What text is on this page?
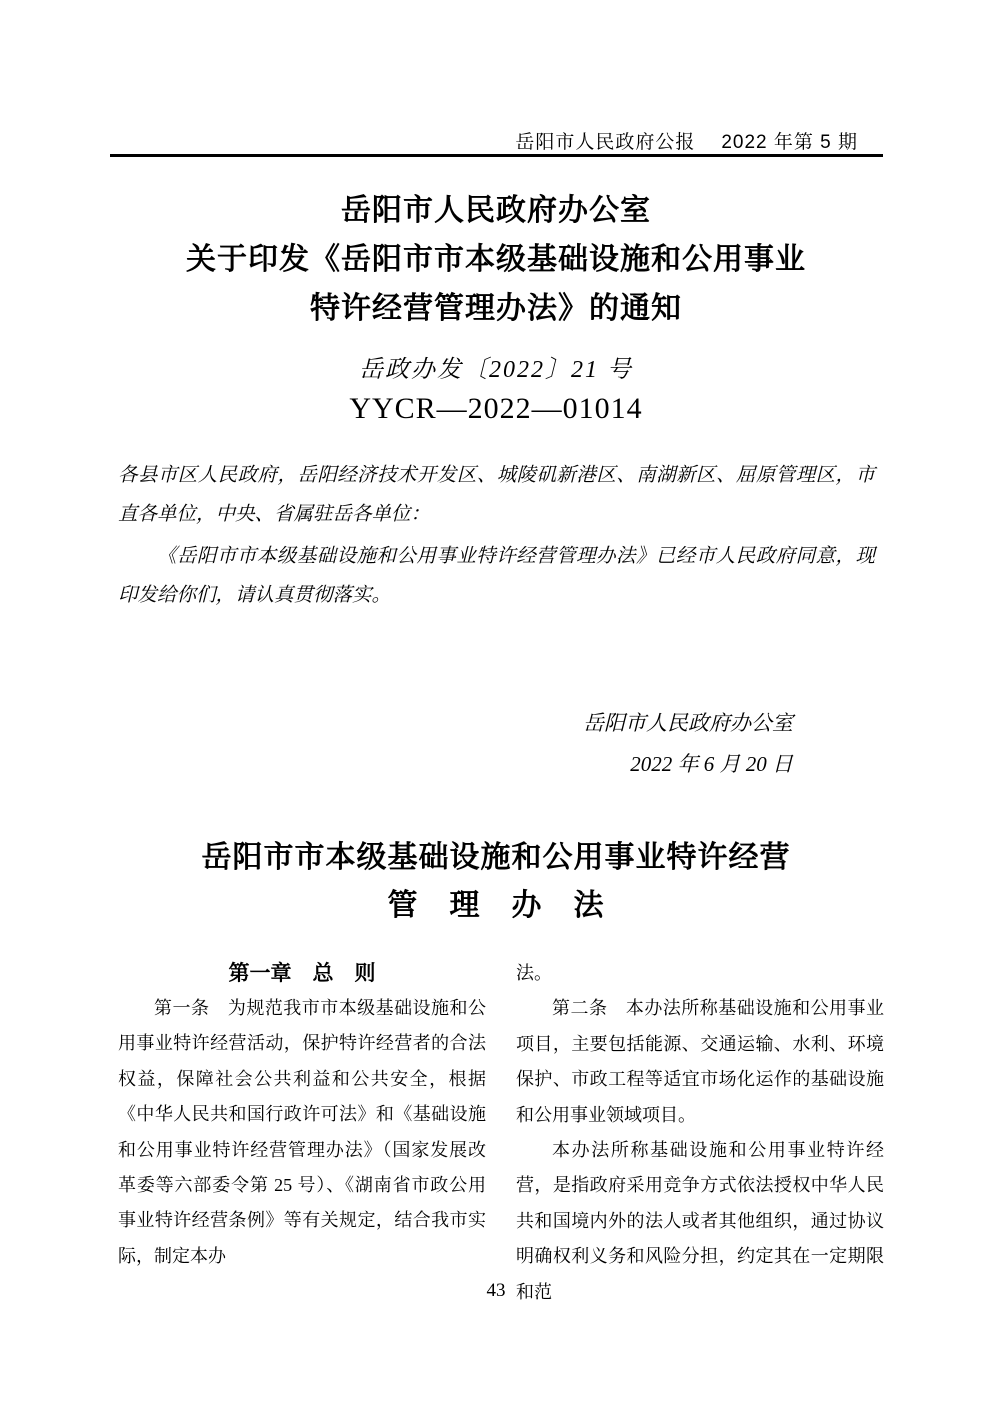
岳阳市人民政府公报 2022 年第 5 期
岳阳市人民政府办公室
关于印发《岳阳市市本级基础设施和公用事业
特许经营管理办法》的通知
岳政办发〔2022〕21 号
YYCR—2022—01014

各县市区人民政府，岳阳经济技术开发区、城陵矶新港区、南湖新区、屈原管理区，市直各单位，中央、省属驻岳各单位：

《岳阳市市本级基础设施和公用事业特许经营管理办法》已经市人民政府同意，现印发给你们，请认真贯彻落实。

岳阳市人民政府办公室
2022 年 6 月 20 日
岳阳市市本级基础设施和公用事业特许经营
管　理　办　法

第一章　总　则

第一条　为规范我市市本级基础设施和公用事业特许经营活动，保护特许经营者的合法权益，保障社会公共利益和公共安全，根据《中华人民共和国行政许可法》和《基础设施和公用事业特许经营管理办法》（国家发展改革委等六部委令第 25 号）、《湖南省市政公用事业特许经营条例》等有关规定，结合我市实际，制定本办

法。

第二条　本办法所称基础设施和公用事业项目，主要包括能源、交通运输、水利、环境保护、市政工程等适宜市场化运作的基础设施和公用事业领域项目。

本办法所称基础设施和公用事业特许经营，是指政府采用竞争方式依法授权中华人民共和国境内外的法人或者其他组织，通过协议明确权利义务和风险分担，约定其在一定期限和范

43
